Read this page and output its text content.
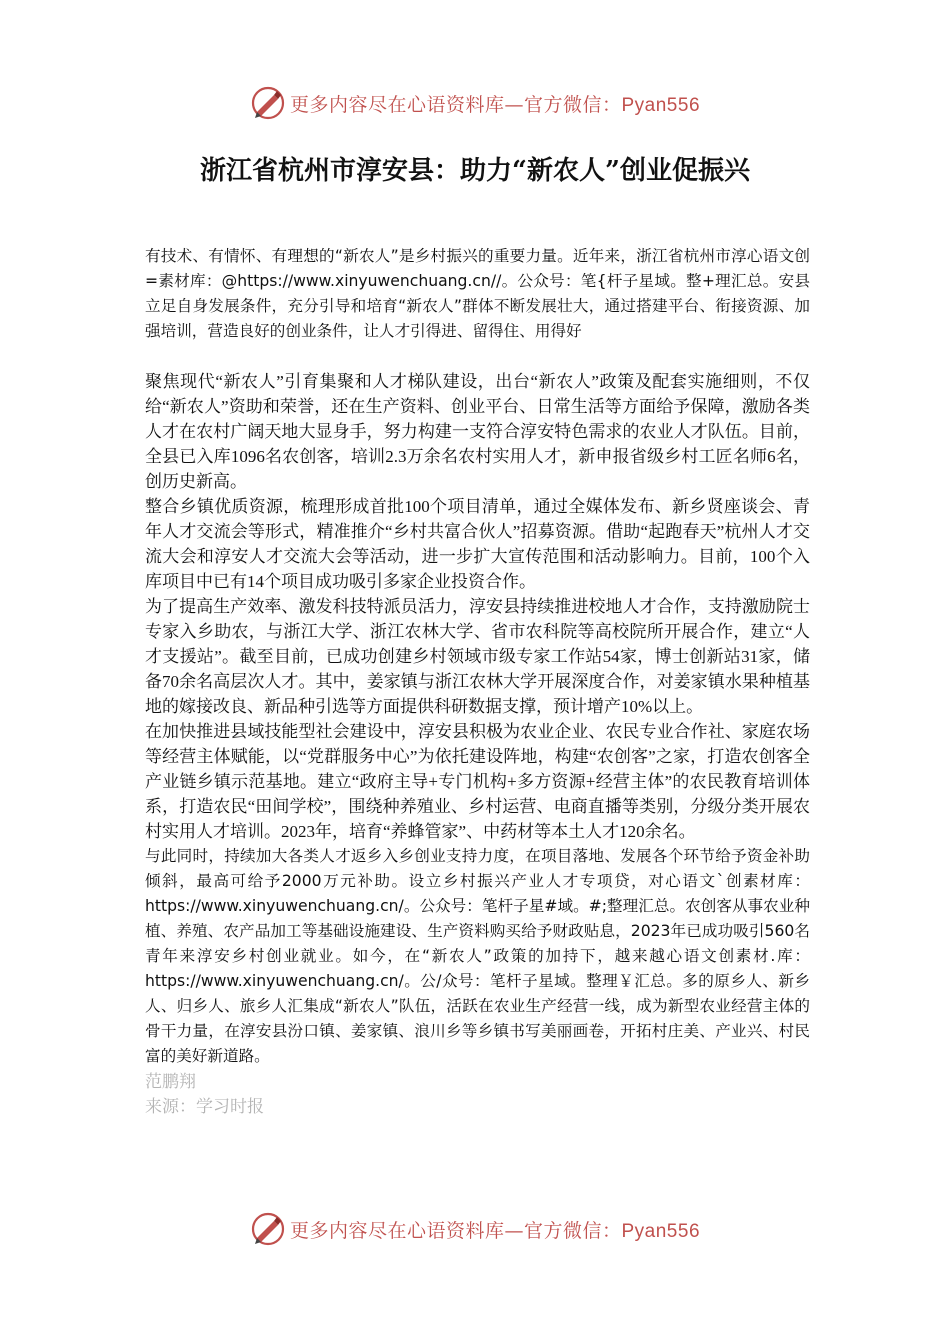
更多内容尽在心语资料库—官方微信：Pyan556
浙江省杭州市淳安县：助力“新农人”创业促振兴

有技术、有情怀、有理想的“新农人”是乡村振兴的重要力量。近年来，浙江省杭州市淳心语文创=素材库：@https://www.xinyuwenchuang.cn//。公众号：笔{杆子星域。整+理汇总。安县立足自身发展条件，充分引导和培育“新农人”群体不断发展壮大，通过搭建平台、衔接资源、加强培训，营造良好的创业条件，让人才引得进、留得住、用得好

聚焦现代“新农人”引育集聚和人才梯队建设，出台“新农人”政策及配套实施细则，不仅给“新农人”资助和荣誉，还在生产资料、创业平台、日常生活等方面给予保障，激励各类人才在农村广阔天地大显身手，努力构建一支符合淳安特色需求的农业人才队伍。目前，全县已入库1096名农创客，培训2.3万余名农村实用人才，新申报省级乡村工匠名师6名，创历史新高。

整合乡镇优质资源，梳理形成首批100个项目清单，通过全媒体发布、新乡贤座谈会、青年人才交流会等形式，精准推介“乡村共富合伙人”招募资源。借助“起跑春天”杭州人才交流大会和淳安人才交流大会等活动，进一步扩大宣传范围和活动影响力。目前，100个入库项目中已有14个项目成功吸引多家企业投资合作。

为了提高生产效率、激发科技特派员活力，淳安县持续推进校地人才合作，支持激励院士专家入乡助农，与浙江大学、浙江农林大学、省市农科院等高校院所开展合作，建立“人才支援站”。截至目前，已成功创建乡村领域市级专家工作站54家，博士创新站31家，储备70余名高层次人才。其中，姜家镇与浙江农林大学开展深度合作，对姜家镇水果种植基地的嫁接改良、新品种引选等方面提供科研数据支撑，预计增产10%以上。

在加快推进县域技能型社会建设中，淳安县积极为农业企业、农民专业合作社、家庭农场等经营主体赋能，以“党群服务中心”为依托建设阵地，构建“农创客”之家，打造农创客全产业链乡镇示范基地。建立“政府主导+专门机构+多方资源+经营主体”的农民教育培训体系，打造农民“田间学校”，围绕种养殖业、乡村运营、电商直播等类别，分级分类开展农村实用人才培训。2023年，培育“养蜂管家”、中药材等本土人才120余名。

与此同时，持续加大各类人才返乡入乡创业支持力度，在项目落地、发展各个环节给予资金补助倾斜，最高可给予2000万元补助。设立乡村振兴产业人才专项贷，对心语文`创素材库：https://www.xinyuwenchuang.cn/。公众号：笔杆子星#域。#;整理汇总。农创客从事农业种植、养殖、农产品加工等基础设施建设、生产资料购买给予财政贴息，2023年已成功吸引560名青年来淳安乡村创业就业。如今，在“新农人”政策的加持下，越来越心语文创素材.库：https://www.xinyuwenchuang.cn/。公/众号：笔杆子星域。整理￥汇总。多的原乡人、新乡人、归乡人、旅乡人汇集成“新农人”队伍，活跃在农业生产经营一线，成为新型农业经营主体的骨干力量，在淳安县汾口镇、姜家镇、浪川乡等乡镇书写美丽画卷，开拓村庄美、产业兴、村民富的美好新道路。

范鹏翔
来源：学习时报
更多内容尽在心语资料库—官方微信：Pyan556
